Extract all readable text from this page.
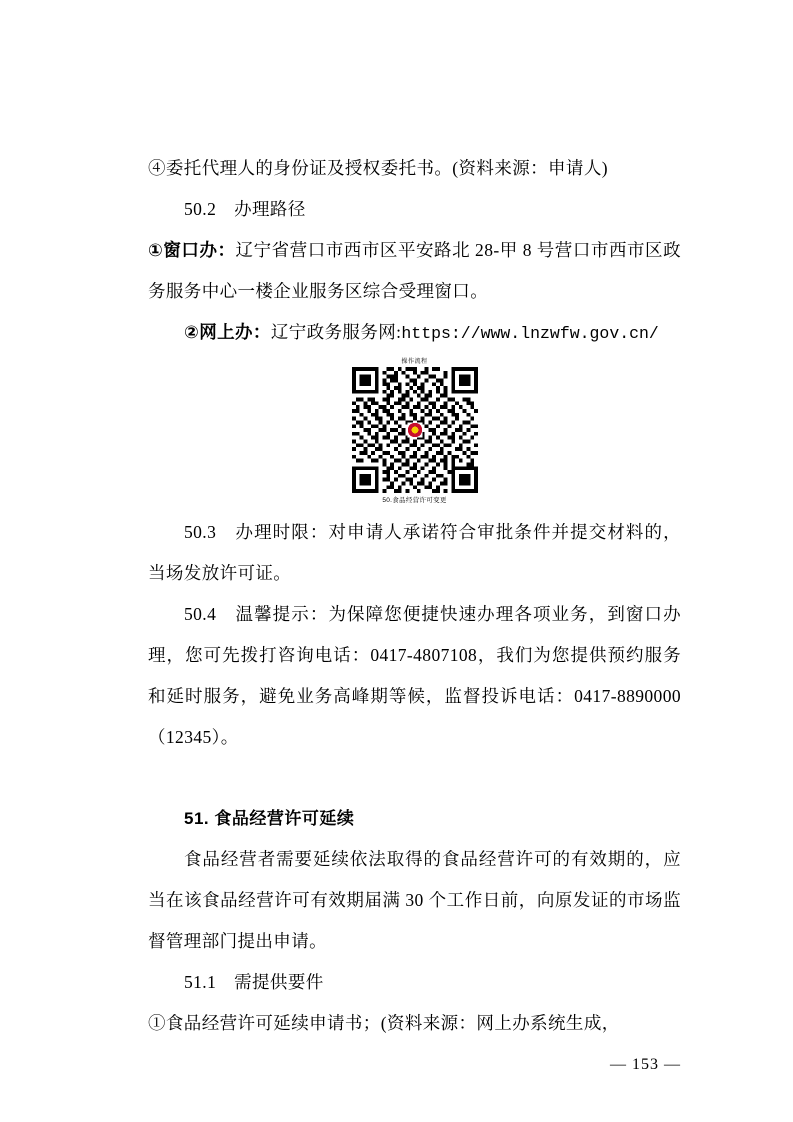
④委托代理人的身份证及授权委托书。(资料来源：申请人)

50.2　办理路径

①窗口办：辽宁省营口市西市区平安路北 28-甲 8 号营口市西市区政务服务中心一楼企业服务区综合受理窗口。

②网上办：辽宁政务服务网:https://www.lnzwfw.gov.cn/

操作流程
50.食品经营许可变更

50.3　办理时限：对申请人承诺符合审批条件并提交材料的，当场发放许可证。

50.4　温馨提示：为保障您便捷快速办理各项业务，到窗口办理，您可先拨打咨询电话：0417-4807108，我们为您提供预约服务和延时服务，避免业务高峰期等候，监督投诉电话：0417-8890000（12345）。

51. 食品经营许可延续

食品经营者需要延续依法取得的食品经营许可的有效期的，应当在该食品经营许可有效期届满 30 个工作日前，向原发证的市场监督管理部门提出申请。

51.1　需提供要件

①食品经营许可延续申请书；(资料来源：网上办系统生成，

— 153 —
